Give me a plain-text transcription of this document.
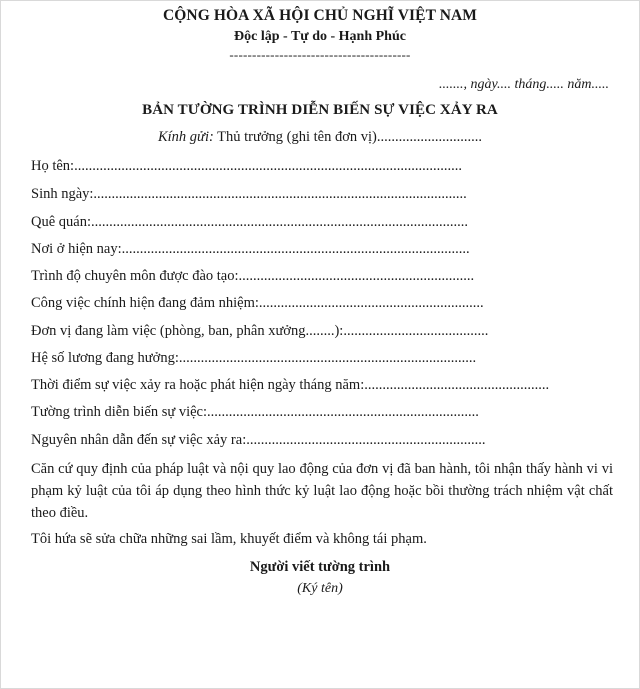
CỘNG HÒA XÃ HỘI CHỦ NGHĨ VIỆT NAM
Độc lập - Tự do - Hạnh Phúc
----------------------------------------
......., ngày.... tháng..... năm.....
BẢN TƯỜNG TRÌNH DIỄN BIẾN SỰ VIỆC XẢY RA
Kính gửi: Thủ trưởng (ghi tên đơn vị).............................
Họ tên:...........................................................................................................
Sinh ngày:.......................................................................................................
Quê quán:........................................................................................................
Nơi ở hiện nay:................................................................................................
Trình độ chuyên môn được đào tạo:.................................................................
Công việc chính hiện đang đảm nhiệm:..............................................................
Đơn vị đang làm việc (phòng, ban, phân xưởng........):........................................
Hệ số lương đang hưởng:..................................................................................
Thời điểm sự việc xảy ra hoặc phát hiện ngày tháng năm:...................................................
Tường trình diễn biến sự việc:...........................................................................
Nguyên nhân dẫn đến sự việc xảy ra:..................................................................
Căn cứ quy định của pháp luật và nội quy lao động của đơn vị đã ban hành, tôi nhận thấy hành vi vi phạm kỷ luật của tôi áp dụng theo hình thức kỷ luật lao động hoặc bồi thường trách nhiệm vật chất theo điều.
Tôi hứa sẽ sửa chữa những sai lầm, khuyết điểm và không tái phạm.
Người viết tường trình
(Ký tên)
